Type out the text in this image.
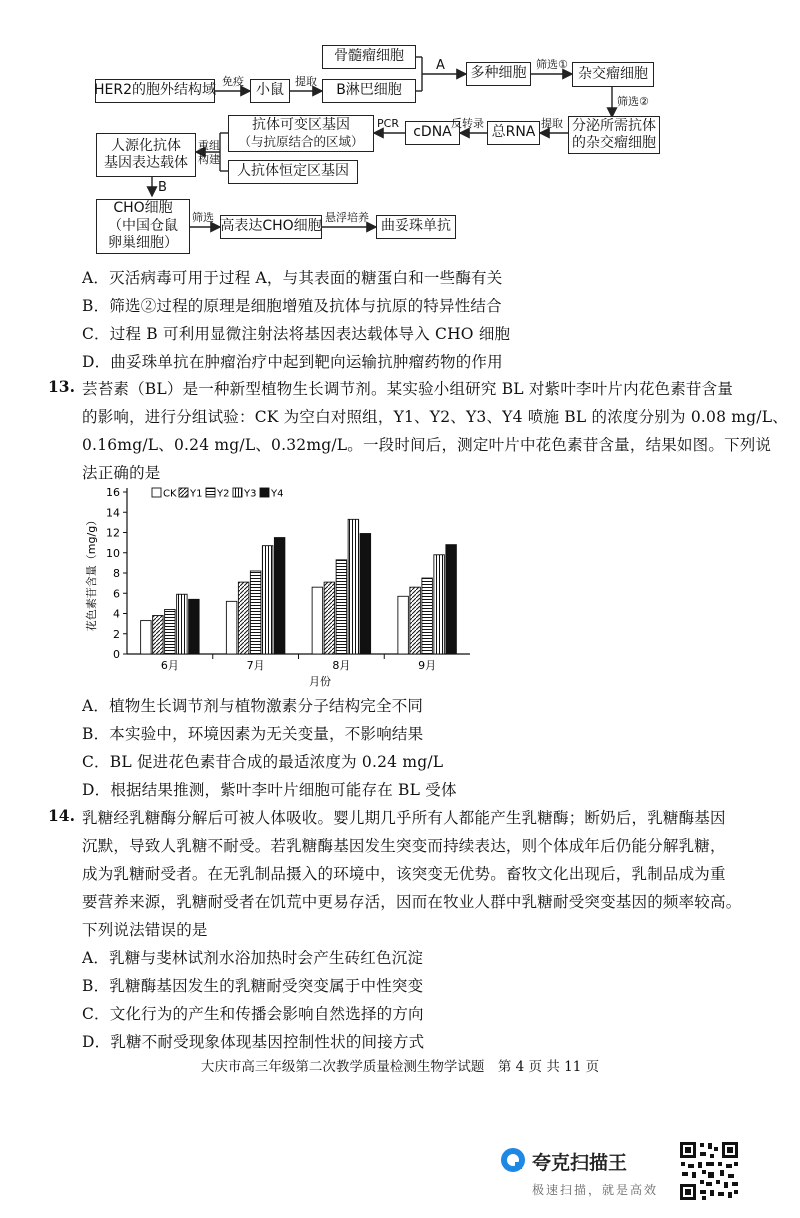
HER2的胞外结构域	小鼠	B淋巴细胞
骨髓瘤细胞
多种细胞	杂交瘤细胞
分泌所需抗体
的杂交瘤细胞
总RNA
cDNA
抗体可变区基因
（与抗原结合的区域）
人抗体恒定区基因
人源化抗体
基因表达载体
CHO细胞
（中国仓鼠
卵巢细胞）
高表达CHO细胞	曲妥珠单抗
免疫	提取
A	筛选①
筛选②
提取
反转录
PCR
重组
构建
B
筛选	悬浮培养
A．灭活病毒可用于过程 A，与其表面的糖蛋白和一些酶有关
B．筛选②过程的原理是细胞增殖及抗体与抗原的特异性结合
C．过程 B 可利用显微注射法将基因表达载体导入 CHO 细胞
D．曲妥珠单抗在肿瘤治疗中起到靶向运输抗肿瘤药物的作用
13. 芸苔素（BL）是一种新型植物生长调节剂。某实验小组研究 BL 对紫叶李叶片内花色素苷含量
的影响，进行分组试验：CK 为空白对照组，Y1、Y2、Y3、Y4 喷施 BL 的浓度分别为 0.08 mg/L、
0.16mg/L、0.24 mg/L、0.32mg/L。一段时间后，测定叶片中花色素苷含量，结果如图。下列说
法正确的是
0
2
4
6
8
10
12
14
16
6月	7月	8月	9月
CK Y1 Y2 Y3 Y4
花色素苷含量（mg/g）
月份
A．植物生长调节剂与植物激素分子结构完全不同
B．本实验中，环境因素为无关变量，不影响结果
C．BL 促进花色素苷合成的最适浓度为 0.24 mg/L
D．根据结果推测，紫叶李叶片细胞可能存在 BL 受体
14. 乳糖经乳糖酶分解后可被人体吸收。婴儿期几乎所有人都能产生乳糖酶；断奶后，乳糖酶基因
沉默，导致人乳糖不耐受。若乳糖酶基因发生突变而持续表达，则个体成年后仍能分解乳糖，
成为乳糖耐受者。在无乳制品摄入的环境中，该突变无优势。畜牧文化出现后，乳制品成为重
要营养来源，乳糖耐受者在饥荒中更易存活，因而在牧业人群中乳糖耐受突变基因的频率较高。
下列说法错误的是
A．乳糖与斐林试剂水浴加热时会产生砖红色沉淀
B．乳糖酶基因发生的乳糖耐受突变属于中性突变
C．文化行为的产生和传播会影响自然选择的方向
D．乳糖不耐受现象体现基因控制性状的间接方式
大庆市高三年级第二次教学质量检测生物学试题　第 4 页 共 11 页
夸克扫描王
极速扫描，就是高效
